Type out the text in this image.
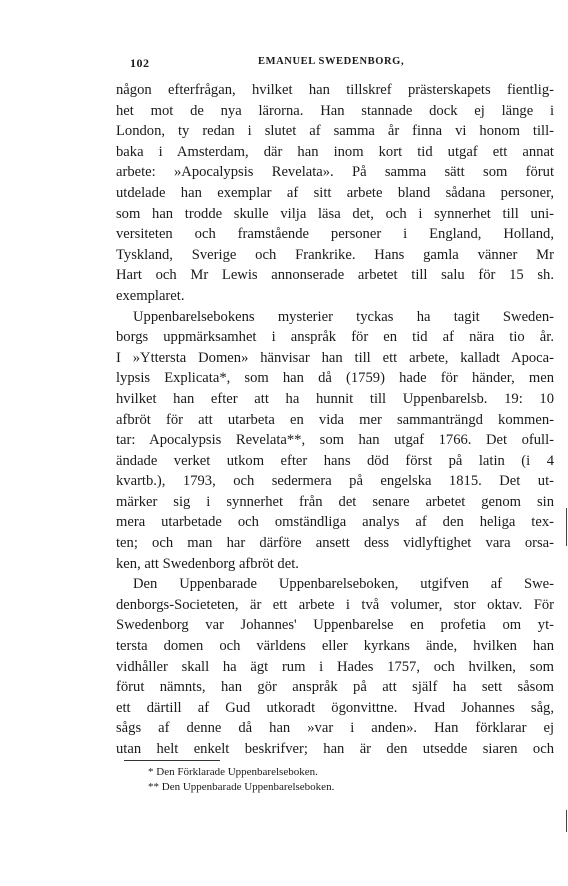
102	EMANUEL SWEDENBORG,

någon efterfrågan, hvilket han tillskref prästerskapets fientlig-
het mot de nya lärorna. Han stannade dock ej länge i
London, ty redan i slutet af samma år finna vi honom till-
baka i Amsterdam, där han inom kort tid utgaf ett annat
arbete: »Apocalypsis Revelata». På samma sätt som förut
utdelade han exemplar af sitt arbete bland sådana personer,
som han trodde skulle vilja läsa det, och i synnerhet till uni-
versiteten och framstående personer i England, Holland,
Tyskland, Sverige och Frankrike. Hans gamla vänner Mr
Hart och Mr Lewis annonserade arbetet till salu för 15 sh.
exemplaret.

Uppenbarelsebokens mysterier tyckas ha tagit Sweden-
borgs uppmärksamhet i anspråk för en tid af nära tio år.
I »Yttersta Domen» hänvisar han till ett arbete, kalladt Apoca-
lypsis Explicata*, som han då (1759) hade för händer, men
hvilket han efter att ha hunnit till Uppenbarelsb. 19: 10
afbröt för att utarbeta en vida mer sammanträngd kommen-
tar: Apocalypsis Revelata**, som han utgaf 1766. Det ofull-
ändade verket utkom efter hans död först på latin (i 4
kvartb.), 1793, och sedermera på engelska 1815. Det ut-
märker sig i synnerhet från det senare arbetet genom sin
mera utarbetade och omständliga analys af den heliga tex-
ten; och man har därföre ansett dess vidlyftighet vara orsa-
ken, att Swedenborg afbröt det.

Den Uppenbarade Uppenbarelseboken, utgifven af Swe-
denborgs-Societeten, är ett arbete i två volumer, stor oktav. För
Swedenborg var Johannes' Uppenbarelse en profetia om yt-
tersta domen och världens eller kyrkans ände, hvilken han
vidhåller skall ha ägt rum i Hades 1757, och hvilken, som
förut nämnts, han gör anspråk på att själf ha sett såsom
ett därtill af Gud utkoradt ögonvittne. Hvad Johannes såg,
sågs af denne då han »var i anden». Han förklarar ej
utan helt enkelt beskrifver; han är den utsedde siaren och

* Den Förklarade Uppenbarelseboken.
** Den Uppenbarade Uppenbarelseboken.
